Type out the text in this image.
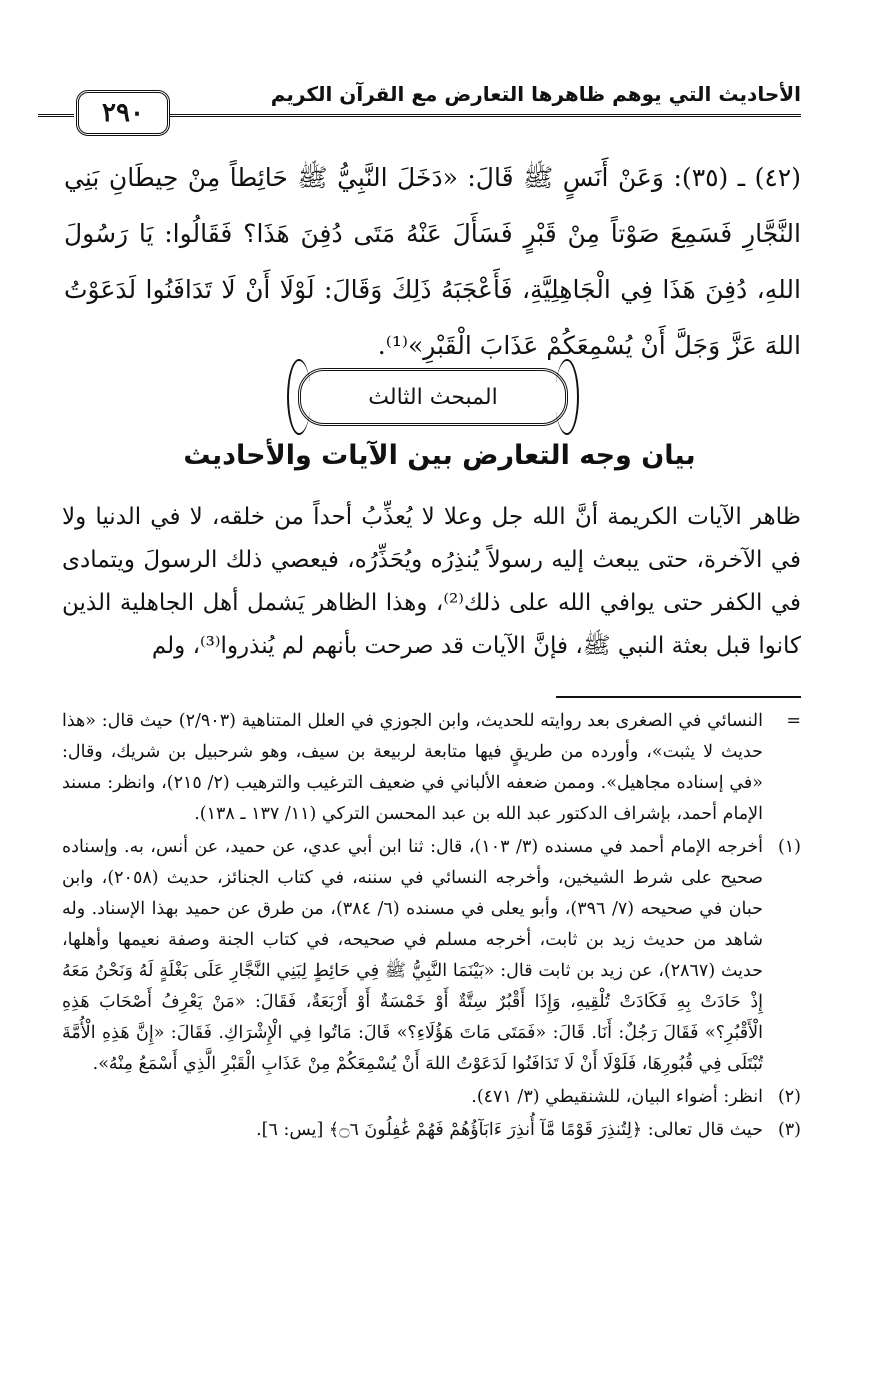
الأحاديث التي يوهم ظاهرها التعارض مع القرآن الكريم
٢٩٠
(٤٢) ـ (٣٥): وَعَنْ أَنَسٍ ﷺ قَالَ: «دَخَلَ النَّبِيُّ ﷺ حَائِطاً مِنْ حِيطَانِ بَنِي النَّجَّارِ فَسَمِعَ صَوْتاً مِنْ قَبْرٍ فَسَأَلَ عَنْهُ مَتَى دُفِنَ هَذَا؟ فَقَالُوا: يَا رَسُولَ اللهِ، دُفِنَ هَذَا فِي الْجَاهِلِيَّةِ، فَأَعْجَبَهُ ذَلِكَ وَقَالَ: لَوْلَا أَنْ لَا تَدَافَنُوا لَدَعَوْتُ اللهَ عَزَّ وَجَلَّ أَنْ يُسْمِعَكُمْ عَذَابَ الْقَبْرِ»⁽¹⁾.
المبحث الثالث
بيان وجه التعارض بين الآيات والأحاديث
ظاهر الآيات الكريمة أنَّ الله جل وعلا لا يُعذِّبُ أحداً من خلقه، لا في الدنيا ولا في الآخرة، حتى يبعث إليه رسولاً يُنذِرُه ويُحَذِّرُه، فيعصي ذلك الرسولَ ويتمادى في الكفر حتى يوافي الله على ذلك⁽²⁾، وهذا الظاهر يَشمل أهل الجاهلية الذين كانوا قبل بعثة النبي ﷺ، فإنَّ الآيات قد صرحت بأنهم لم يُنذروا⁽³⁾، ولم
=
النسائي في الصغرى بعد روايته للحديث، وابن الجوزي في العلل المتناهية (٢/٩٠٣) حيث قال: «هذا حديث لا يثبت»، وأورده من طريقٍ فيها متابعة لربيعة بن سيف، وهو شرحبيل بن شريك، وقال: «في إسناده مجاهيل». وممن ضعفه الألباني في ضعيف الترغيب والترهيب (٢/ ٢١٥)، وانظر: مسند الإمام أحمد، بإشراف الدكتور عبد الله بن عبد المحسن التركي (١١/ ١٣٧ ـ ١٣٨).
(١)
أخرجه الإمام أحمد في مسنده (٣/ ١٠٣)، قال: ثنا ابن أبي عدي، عن حميد، عن أنس، به. وإسناده صحيح على شرط الشيخين، وأخرجه النسائي في سننه، في كتاب الجنائز، حديث (٢٠٥٨)، وابن حبان في صحيحه (٧/ ٣٩٦)، وأبو يعلى في مسنده (٦/ ٣٨٤)، من طرق عن حميد بهذا الإسناد. وله شاهد من حديث زيد بن ثابت، أخرجه مسلم في صحيحه، في كتاب الجنة وصفة نعيمها وأهلها، حديث (٢٨٦٧)، عن زيد بن ثابت قال: «بَيْنَمَا النَّبِيُّ ﷺ فِي حَائِطٍ لِبَنِي النَّجَّارِ عَلَى بَغْلَةٍ لَهُ وَنَحْنُ مَعَهُ إِذْ حَادَتْ بِهِ فَكَادَتْ تُلْقِيهِ، وَإِذَا أَقْبُرٌ سِتَّةٌ أَوْ خَمْسَةٌ أَوْ أَرْبَعَةٌ، فَقَالَ: «مَنْ يَعْرِفُ أَصْحَابَ هَذِهِ الْأَقْبُرِ؟» فَقَالَ رَجُلٌ: أَنَا. قَالَ: «فَمَتَى مَاتَ هَؤُلَاءِ؟» قَالَ: مَاتُوا فِي الْإِشْرَاكِ. فَقَالَ: «إِنَّ هَذِهِ الْأُمَّةَ تُبْتَلَى فِي قُبُورِهَا، فَلَوْلَا أَنْ لَا تَدَافَنُوا لَدَعَوْتُ اللهَ أَنْ يُسْمِعَكُمْ مِنْ عَذَابِ الْقَبْرِ الَّذِي أَسْمَعُ مِنْهُ».
(٢)
انظر: أضواء البيان، للشنقيطي (٣/ ٤٧١).
(٣)
حيث قال تعالى: ﴿لِتُنذِرَ قَوْمًا مَّآ أُنذِرَ ءَابَآؤُهُمْ فَهُمْ غَٰفِلُونَ ۝٦﴾ [يس: ٦].
